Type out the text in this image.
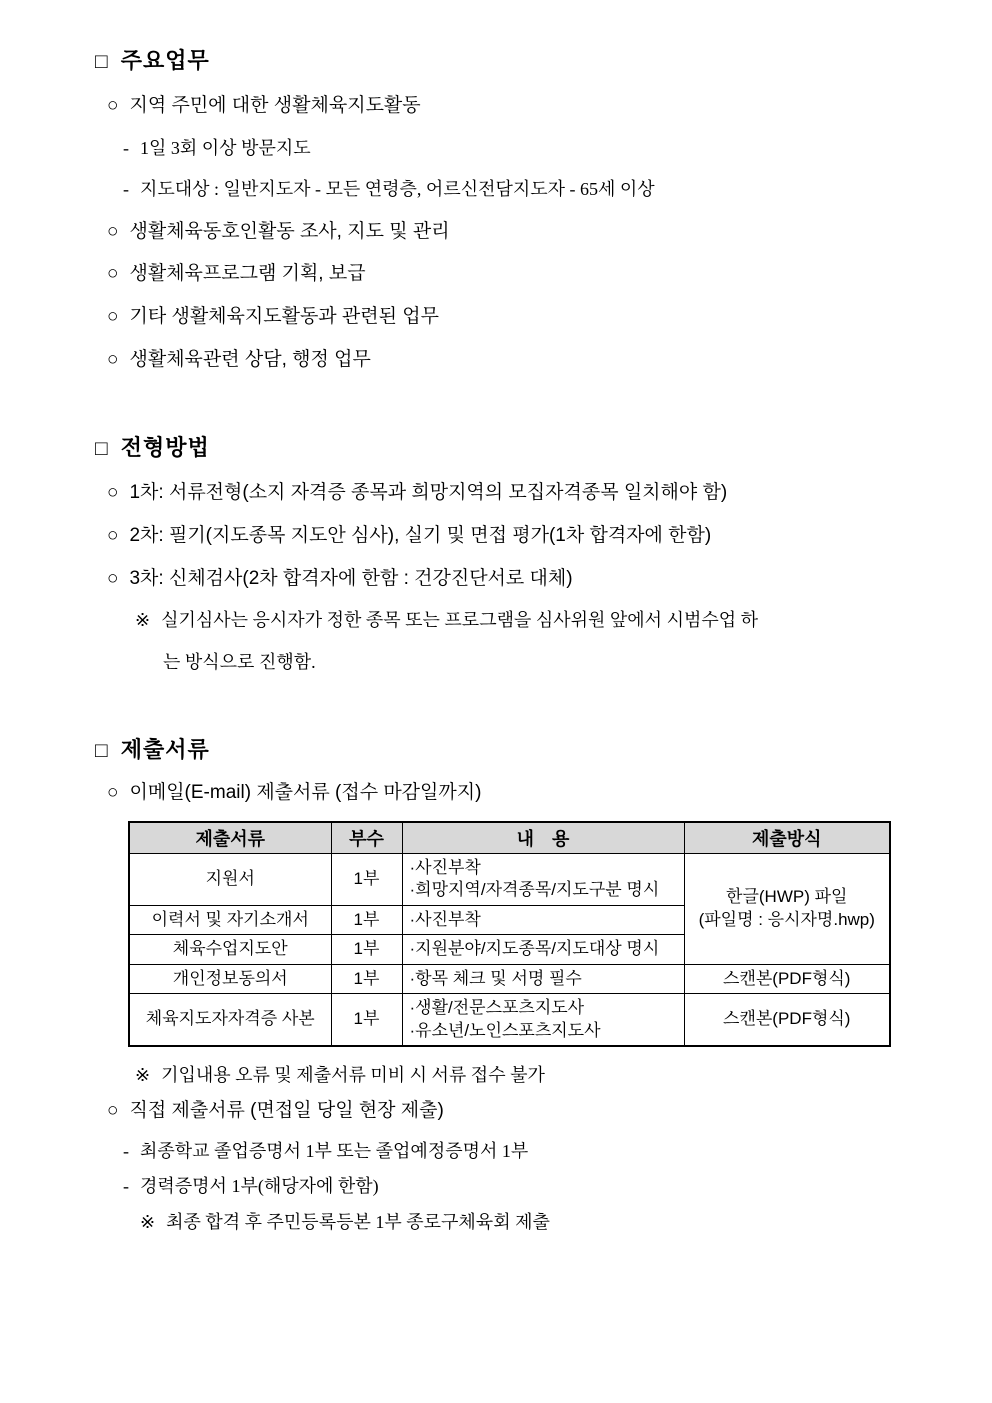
□ 주요업무
○ 지역 주민에 대한 생활체육지도활동
- 1일 3회 이상 방문지도
- 지도대상 : 일반지도자 - 모든 연령층, 어르신전담지도자 - 65세 이상
○ 생활체육동호인활동 조사, 지도 및 관리
○ 생활체육프로그램 기획, 보급
○ 기타 생활체육지도활동과 관련된 업무
○ 생활체육관련 상담, 행정 업무
□ 전형방법
○ 1차: 서류전형(소지 자격증 종목과 희망지역의 모집자격종목 일치해야 함)
○ 2차: 필기(지도종목 지도안 심사), 실기 및 면접 평가(1차 합격자에 한함)
○ 3차: 신체검사(2차 합격자에 한함 : 건강진단서로 대체)
※ 실기심사는 응시자가 정한 종목 또는 프로그램을 심사위원 앞에서 시범수업 하
는 방식으로 진행함.
□ 제출서류
○ 이메일(E-mail) 제출서류 (접수 마감일까지)
제출서류	부수	내　용	제출방식
지원서	1부	·사진부착
·희망지역/자격종목/지도구분 명시	한글(HWP) 파일
(파일명 : 응시자명.hwp)

이력서 및 자기소개서	1부	·사진부착	

체육수업지도안	1부	·지원분야/지도종목/지도대상 명시	

개인정보동의서	1부	·항목 체크 및 서명 필수	스캔본(PDF형식)
체육지도자자격증 사본	1부	·생활/전문스포츠지도사
·유소년/노인스포츠지도사	스캔본(PDF형식)
※ 기입내용 오류 및 제출서류 미비 시 서류 접수 불가
○ 직접 제출서류 (면접일 당일 현장 제출)
- 최종학교 졸업증명서 1부 또는 졸업예정증명서 1부
- 경력증명서 1부(해당자에 한함)
※ 최종 합격 후 주민등록등본 1부 종로구체육회 제출
